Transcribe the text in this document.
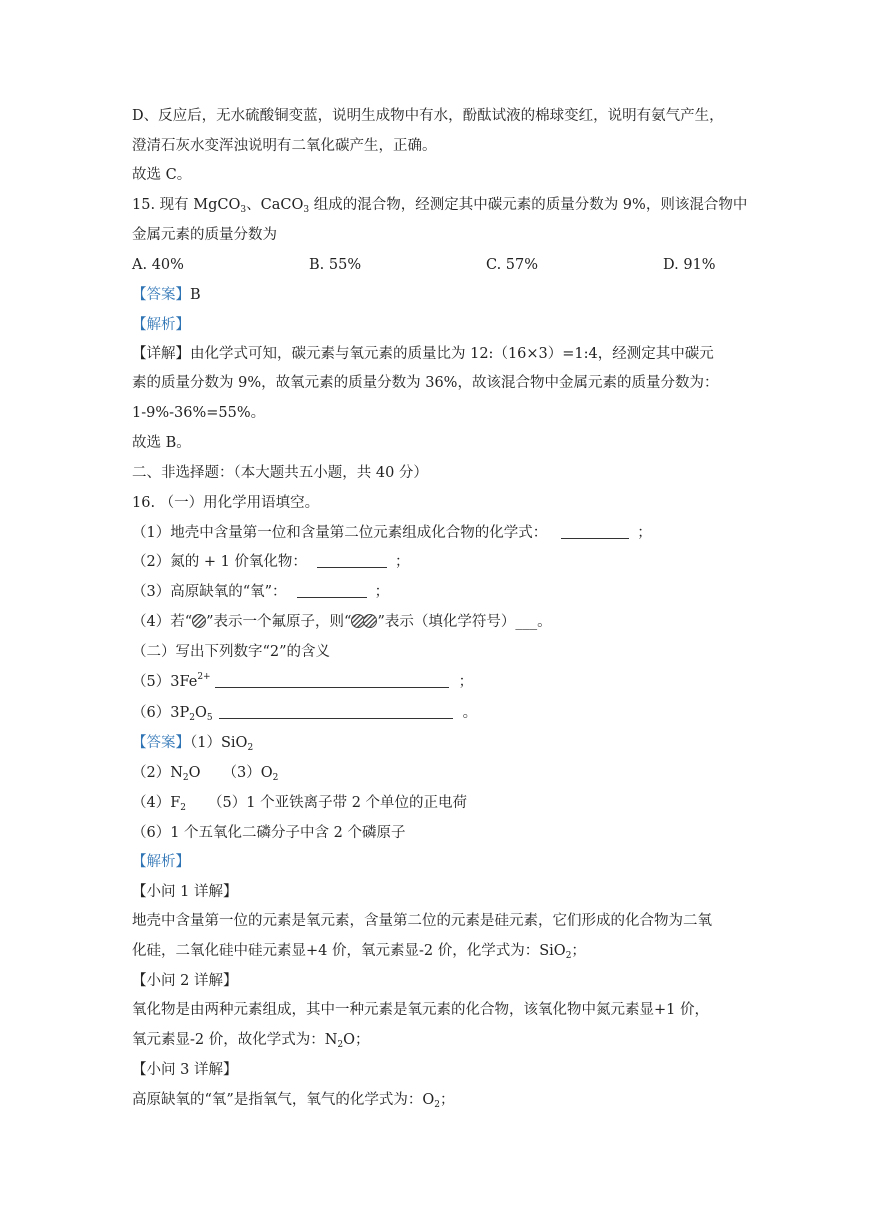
D、反应后，无水硫酸铜变蓝，说明生成物中有水，酚酞试液的棉球变红，说明有氨气产生，
澄清石灰水变浑浊说明有二氧化碳产生，正确。
故选 C。
15. 现有 MgCO$_3$、CaCO$_3$ 组成的混合物，经测定其中碳元素的质量分数为 9%，则该混合物中
金属元素的质量分数为
A. 40%	B. 55%	C. 57%	D. 91%
【答案】B
【解析】
【详解】由化学式可知，碳元素与氧元素的质量比为 12:（16×3）=1:4，经测定其中碳元
素的质量分数为 9%，故氧元素的质量分数为 36%，故该混合物中金属元素的质量分数为：
1-9%-36%=55%。
故选 B。
二、非选择题：（本大题共五小题，共 40 分）
16. （一）用化学用语填空。
（1）地壳中含量第一位和含量第二位元素组成化合物的化学式：	；
（2）氮的 + 1 价氧化物：	；
（3）高原缺氧的“氧”：	；
（4）若“ ”表示一个氟原子，则“ ”表示（填化学符号）___。
（二）写出下列数字“2”的含义
$(5)3Fe^{2+}$	；
$(6)3P_2O_5$	。
【答案】（1）SiO$_2$
$(2)N_2O$ $(3)O_2$
$(4)F_2$ （5）1 个亚铁离子带 2 个单位的正电荷
（6）1 个五氧化二磷分子中含 2 个磷原子
【解析】
【小问 1 详解】
地壳中含量第一位的元素是氧元素，含量第二位的元素是硅元素，它们形成的化合物为二氧
化硅，二氧化硅中硅元素显+4 价，氧元素显-2 价，化学式为：SiO$_2$；
【小问 2 详解】
氧化物是由两种元素组成，其中一种元素是氧元素的化合物，该氧化物中氮元素显+1 价，
氧元素显-2 价，故化学式为：$N_2O$；
【小问 3 详解】
高原缺氧的“氧”是指氧气，氧气的化学式为：$O_2$；
